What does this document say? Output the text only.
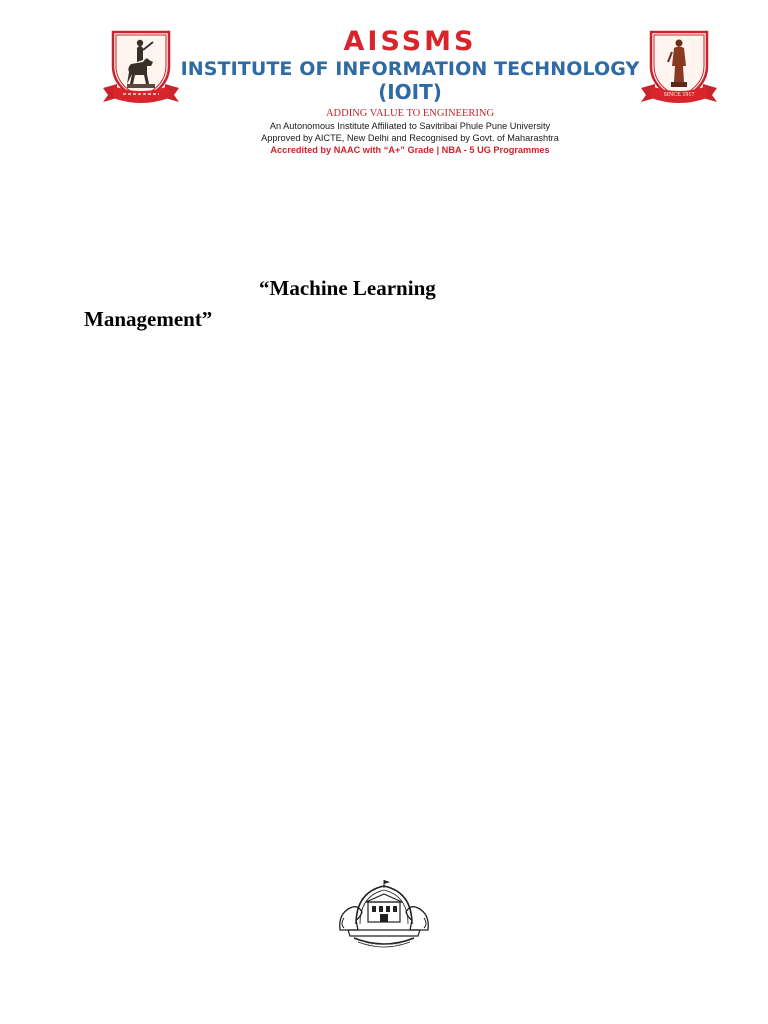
AISSMS
INSTITUTE OF INFORMATION TECHNOLOGY
(IOIT)
ADDING VALUE TO ENGINEERING
An Autonomous Institute Affiliated to Savitribai Phule Pune University
Approved by AICTE, New Delhi and Recognised by Govt. of Maharashtra
Accredited by NAAC with “A+” Grade | NBA - 5 UG Programmes
SINCE 1917
“Machine Learning
Management”
